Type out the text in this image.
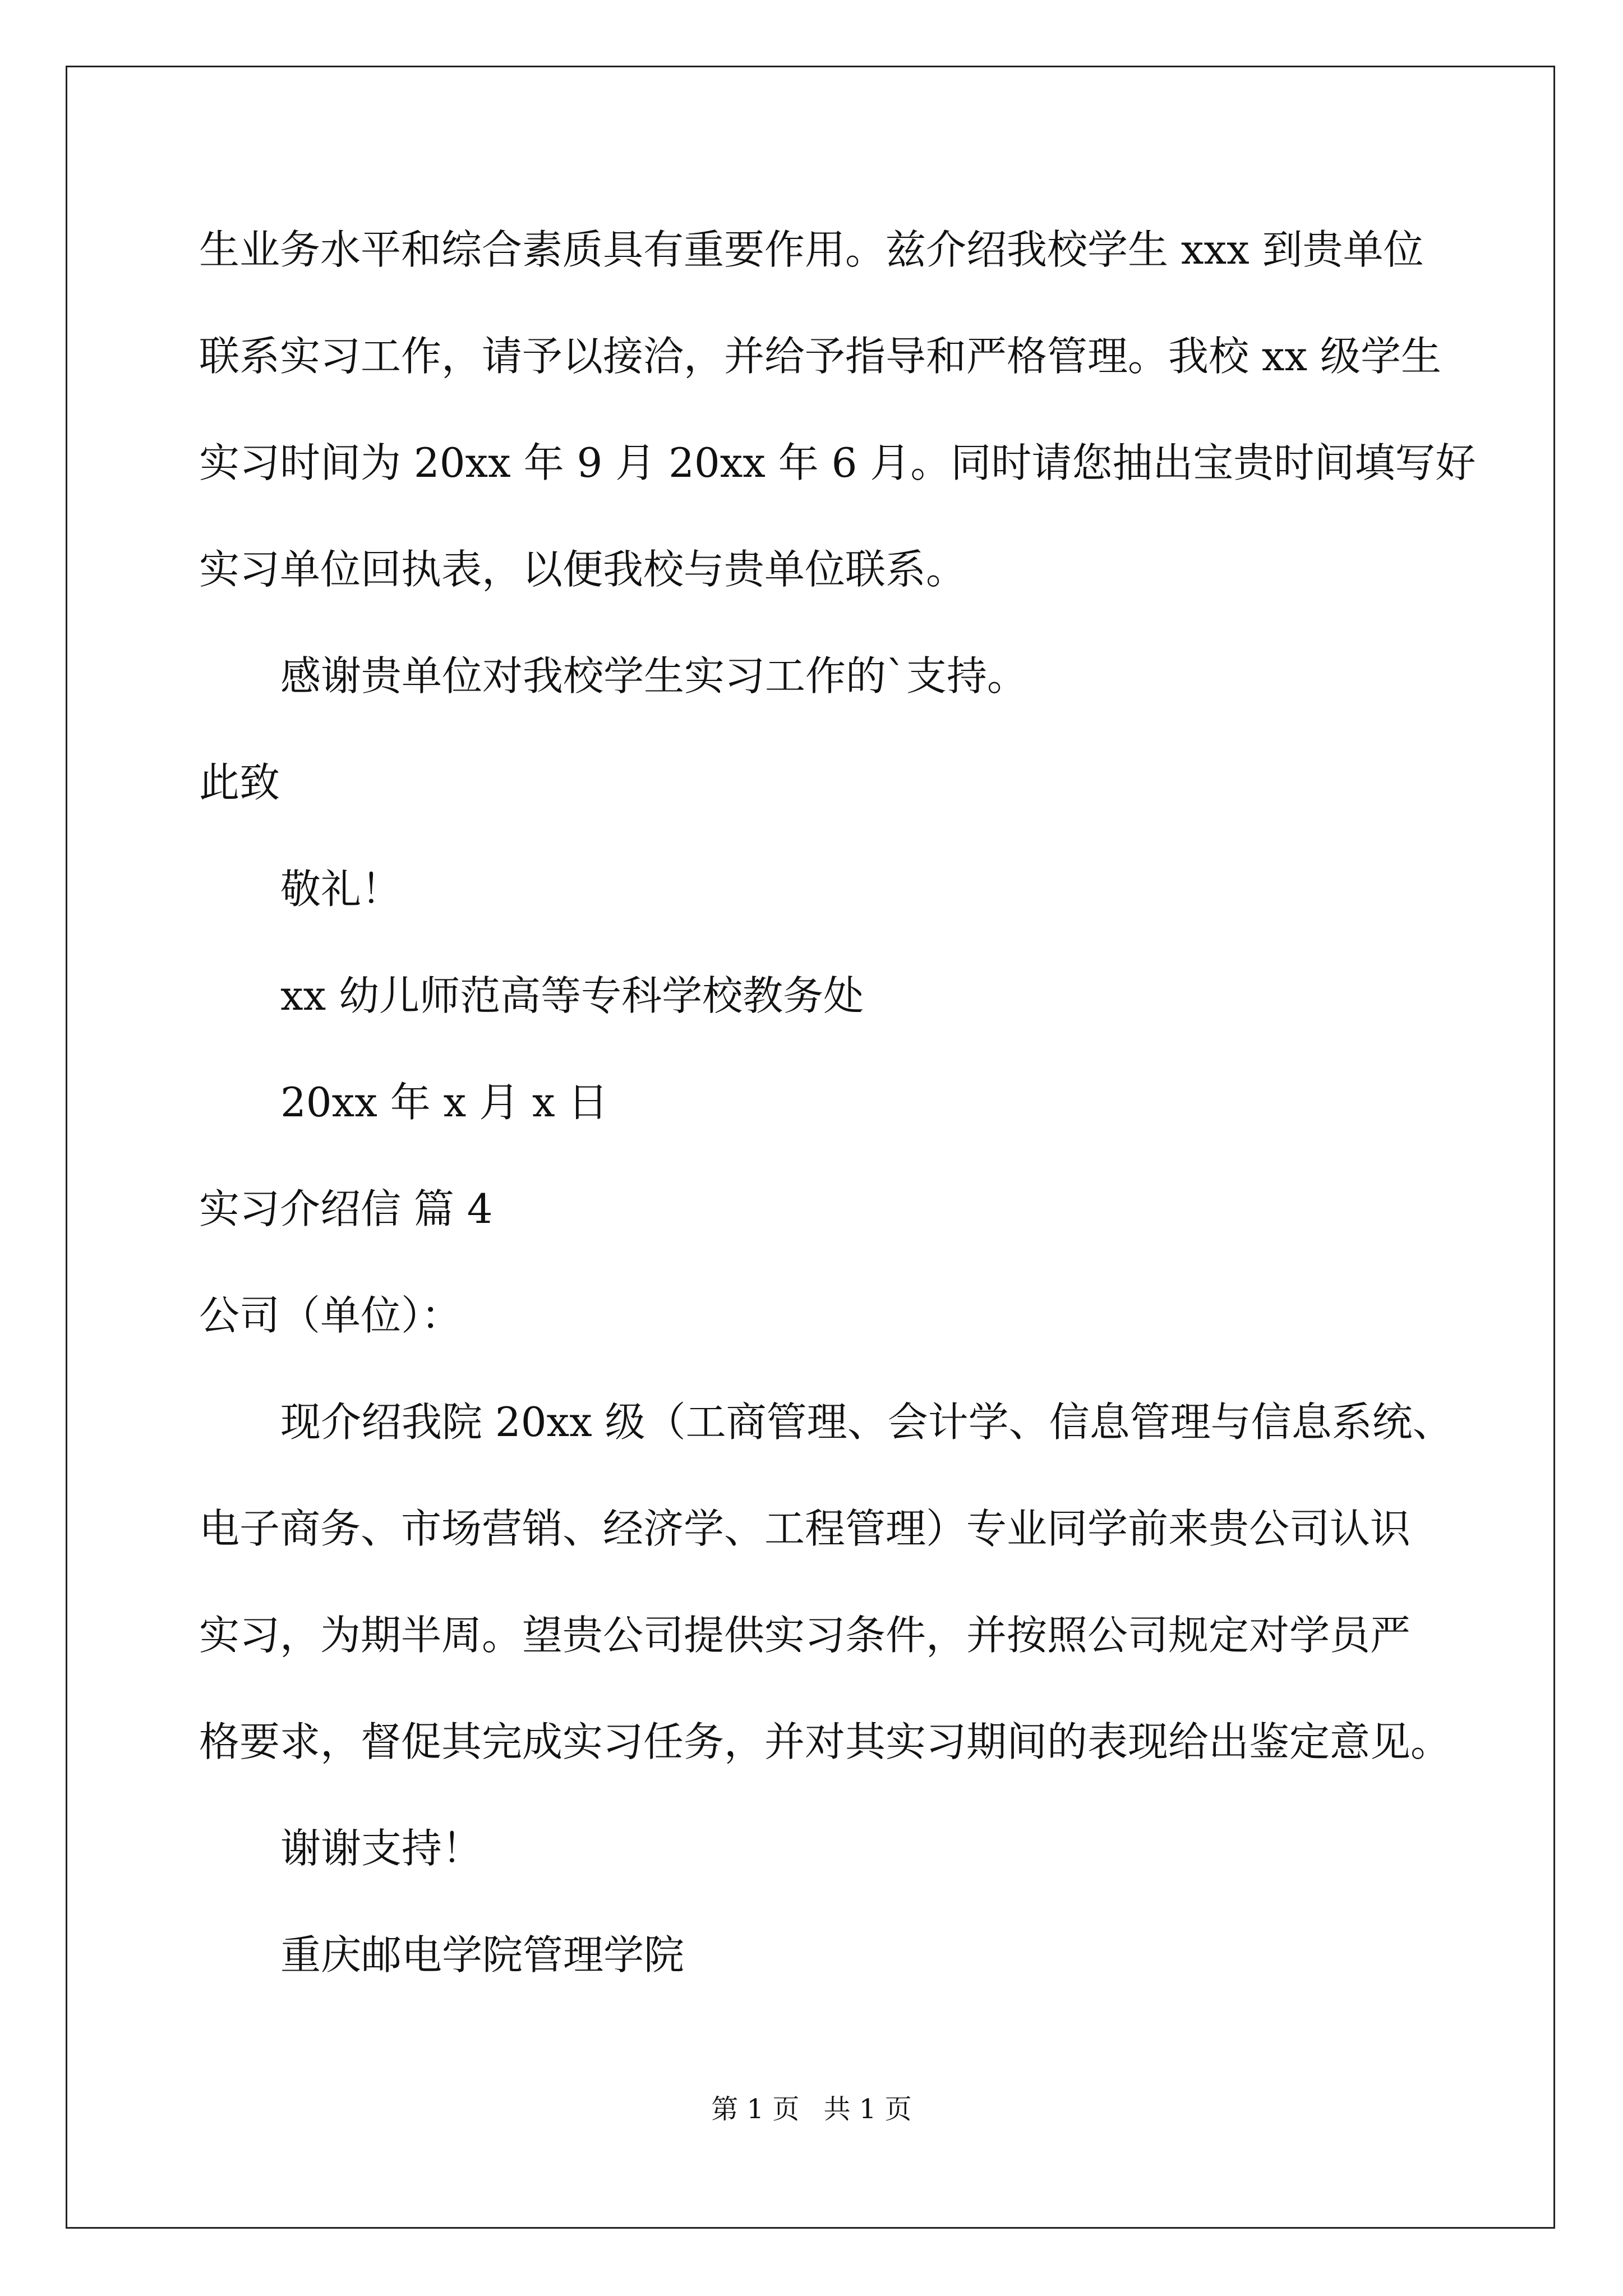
生业务水平和综合素质具有重要作用。兹介绍我校学生 xxx 到贵单位
联系实习工作，请予以接洽，并给予指导和严格管理。我校 xx 级学生
实习时间为 20xx 年 9 月 20xx 年 6 月。同时请您抽出宝贵时间填写好
实习单位回执表，以便我校与贵单位联系。
感谢贵单位对我校学生实习工作的`支持。
此致
敬礼！
xx 幼儿师范高等专科学校教务处
20xx 年 x 月 x 日
实习介绍信 篇 4
公司（单位）：
现介绍我院 20xx 级（工商管理、会计学、信息管理与信息系统、
电子商务、市场营销、经济学、工程管理）专业同学前来贵公司认识
实习，为期半周。望贵公司提供实习条件，并按照公司规定对学员严
格要求，督促其完成实习任务，并对其实习期间的表现给出鉴定意见。
谢谢支持！
重庆邮电学院管理学院
第 1 页 共 1 页
